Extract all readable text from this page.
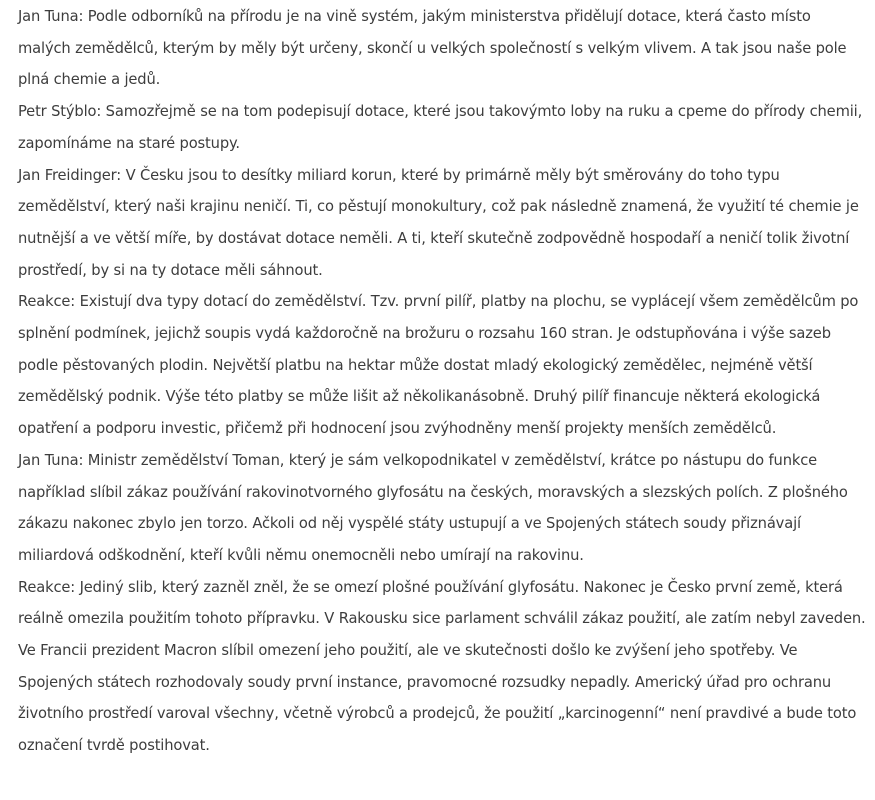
Jan Tuna: Podle odborníků na přírodu je na vině systém, jakým ministerstva přidělují dotace, která často místo malých zemědělců, kterým by měly být určeny, skončí u velkých společností s velkým vlivem. A tak jsou naše pole plná chemie a jedů.

Petr Stýblo: Samozřejmě se na tom podepisují dotace, které jsou takovýmto loby na ruku a cpeme do přírody chemii, zapomínáme na staré postupy.

Jan Freidinger: V Česku jsou to desítky miliard korun, které by primárně měly být směrovány do toho typu zemědělství, který naši krajinu neničí. Ti, co pěstují monokultury, což pak následně znamená, že využití té chemie je nutnější a ve větší míře, by dostávat dotace neměli. A ti, kteří skutečně zodpovědně hospodaří a neničí tolik životní prostředí, by si na ty dotace měli sáhnout.

Reakce: Existují dva typy dotací do zemědělství. Tzv. první pilíř, platby na plochu, se vyplácejí všem zemědělcům po splnění podmínek, jejichž soupis vydá každoročně na brožuru o rozsahu 160 stran. Je odstupňována i výše sazeb podle pěstovaných plodin. Největší platbu na hektar může dostat mladý ekologický zemědělec, nejméně větší zemědělský podnik. Výše této platby se může lišit až několikanásobně. Druhý pilíř financuje některá ekologická opatření a podporu investic, přičemž při hodnocení jsou zvýhodněny menší projekty menších zemědělců.

Jan Tuna: Ministr zemědělství Toman, který je sám velkopodnikatel v zemědělství, krátce po nástupu do funkce například slíbil zákaz používání rakovinotvorného glyfosátu na českých, moravských a slezských polích. Z plošného zákazu nakonec zbylo jen torzo. Ačkoli od něj vyspělé státy ustupují a ve Spojených státech soudy přiznávají miliardová odškodnění, kteří kvůli němu onemocněli nebo umírají na rakovinu.

Reakce: Jediný slib, který zazněl zněl, že se omezí plošné používání glyfosátu. Nakonec je Česko první země, která reálně omezila použitím tohoto přípravku. V Rakousku sice parlament schválil zákaz použití, ale zatím nebyl zaveden. Ve Francii prezident Macron slíbil omezení jeho použití, ale ve skutečnosti došlo ke zvýšení jeho spotřeby. Ve Spojených státech rozhodovaly soudy první instance, pravomocné rozsudky nepadly. Americký úřad pro ochranu životního prostředí varoval všechny, včetně výrobců a prodejců, že použití „karcinogenní“ není pravdivé a bude toto označení tvrdě postihovat.
